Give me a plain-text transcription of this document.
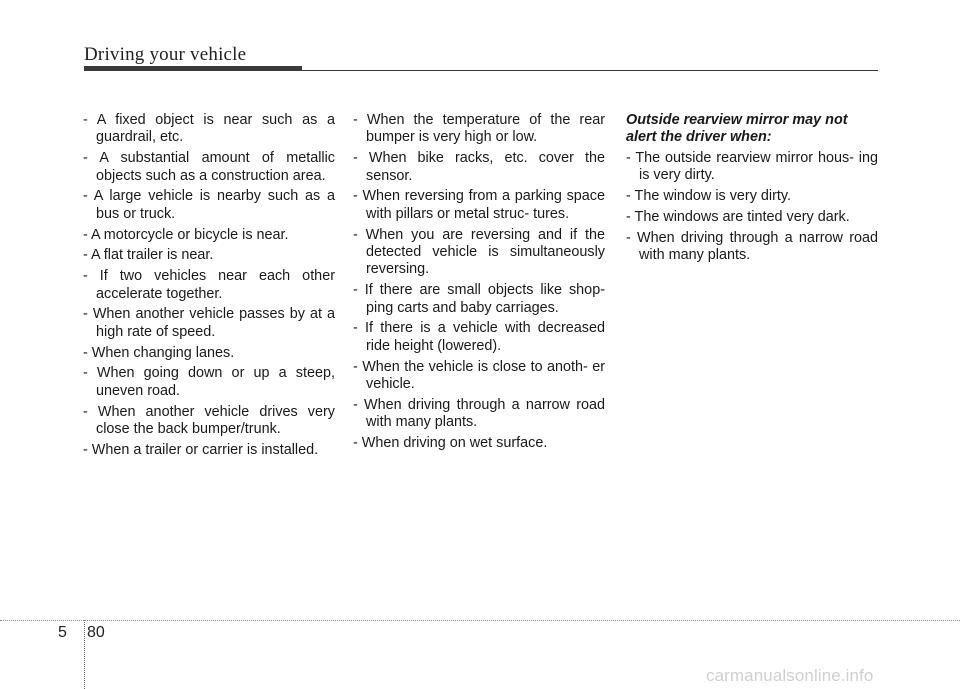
Driving your vehicle
- A fixed object is near such as a guardrail, etc.
- A substantial amount of metallic objects such as a construction area.
- A large vehicle is nearby such as a bus or truck.
- A motorcycle or bicycle is near.
- A flat trailer is near.
- If two vehicles near each other accelerate together.
- When another vehicle passes by at a high rate of speed.
- When changing lanes.
- When going down or up a steep, uneven road.
- When another vehicle drives very close the back bumper/trunk.
- When a trailer or carrier is installed.
- When the temperature of the rear bumper is very high or low.
- When bike racks, etc. cover the sensor.
- When reversing from a parking space with pillars or metal struc- tures.
- When you are reversing and if the detected vehicle is simultaneously reversing.
- If there are small objects like shop- ping carts and baby carriages.
- If there is a vehicle with decreased ride height (lowered).
- When the vehicle is close to anoth- er vehicle.
- When driving through a narrow road with many plants.
- When driving on wet surface.
Outside rearview mirror may not alert the driver when:
- The outside rearview mirror hous- ing is very dirty.
- The window is very dirty.
- The windows are tinted very dark.
- When driving through a narrow road with many plants.
5 80
carmanualsonline.info
